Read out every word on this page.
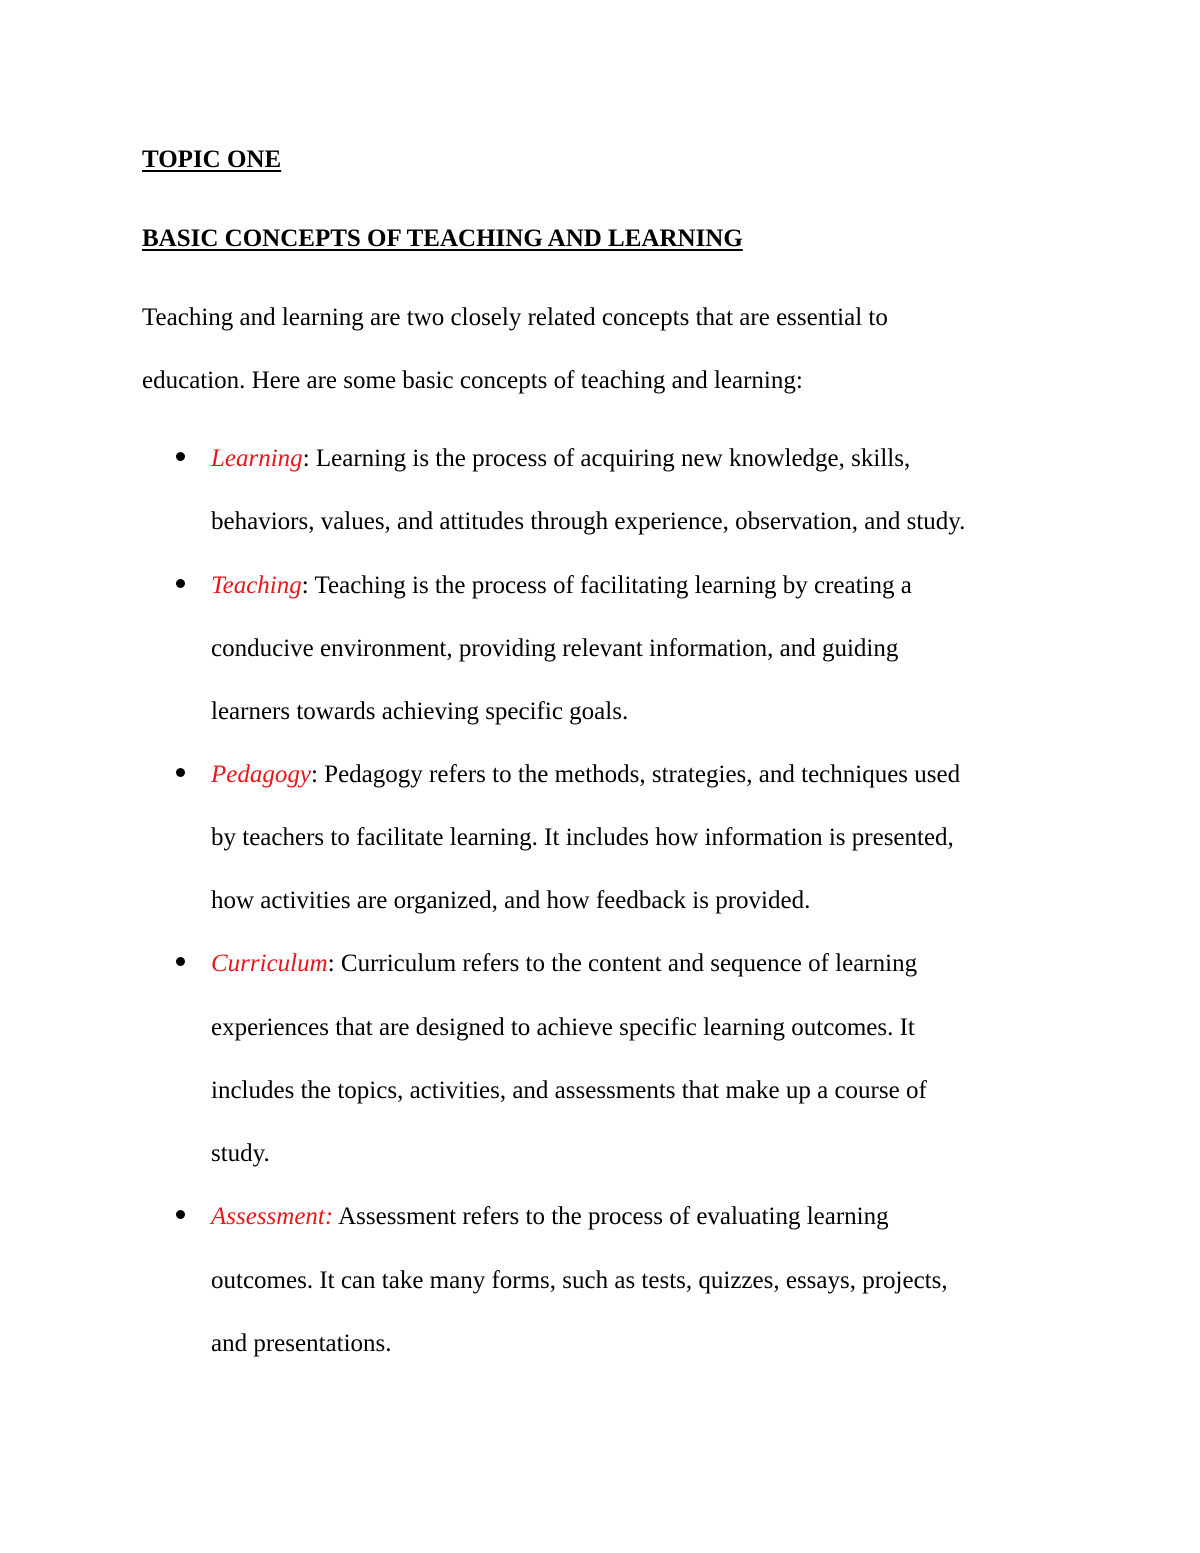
TOPIC ONE
BASIC CONCEPTS OF TEACHING AND LEARNING
Teaching and learning are two closely related concepts that are essential to
education. Here are some basic concepts of teaching and learning:
Learning: Learning is the process of acquiring new knowledge, skills,
behaviors, values, and attitudes through experience, observation, and study.
Teaching: Teaching is the process of facilitating learning by creating a
conducive environment, providing relevant information, and guiding
learners towards achieving specific goals.
Pedagogy: Pedagogy refers to the methods, strategies, and techniques used
by teachers to facilitate learning. It includes how information is presented,
how activities are organized, and how feedback is provided.
Curriculum: Curriculum refers to the content and sequence of learning
experiences that are designed to achieve specific learning outcomes. It
includes the topics, activities, and assessments that make up a course of
study.
Assessment: Assessment refers to the process of evaluating learning
outcomes. It can take many forms, such as tests, quizzes, essays, projects,
and presentations.
